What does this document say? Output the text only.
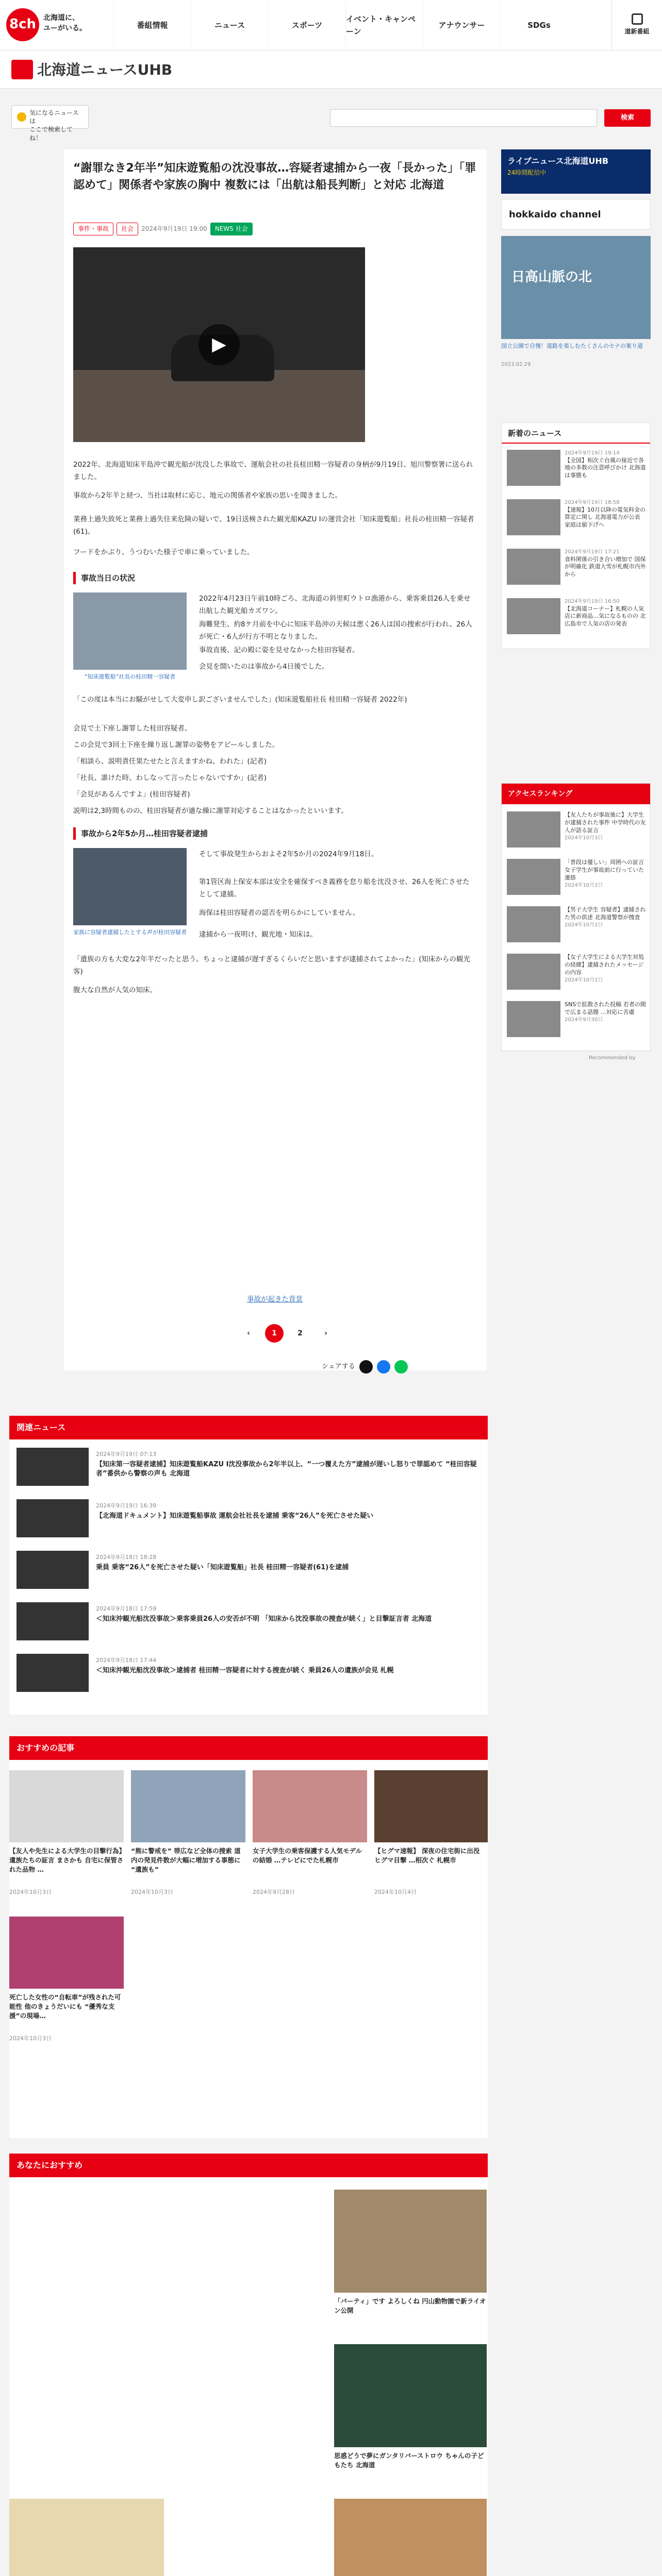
8ch	北海道に、
ユーがいる。	番組情報	ニュース	スポーツ
イベント・キャンペーン
アナウンサー	SDGs
道新番組
北海道ニュースUHB
気になるニュースは
ここで検索してね！
検索
“謝罪なき2年半”知床遊覧船の沈没事故…容疑者逮捕から一夜「長かった」「罪認めて」関係者や家族の胸中 複数には「出航は船長判断」と対応 北海道
事件・事故	社会	2024年9月19日 19:00	NEWS 社会
▶
2022年、北海道知床半島沖で観光船が沈没した事故で、運航会社の社長桂田精一容疑者の身柄が9月19日、旭川警察署に送られました。
事故から2年半と経つ、当社は取材に応じ、地元の関係者や家族の思いを聞きました。
業務上過失致死と業務上過失往来危険の疑いで、19日送検された観光船KAZU Iの運営会社「知床遊覧船」社長の桂田精一容疑者(61)。
フードをかぶり、うつむいた様子で車に乗っていました。
事故当日の状況
“知床遊覧船”社長の桂田精一容疑者
2022年4月23日午前10時ごろ、北海道の斜里町ウトロ漁港から、乗客乗員26人を乗せ出航した観光船カズワン。
海難発生、約8ケ月前を中心に知床半島沖の天候は悪く26人は国の捜索が行われ、26人が死亡・6人が行方不明となりました。
事故直後、記の殿に姿を見せなかった桂田容疑者。
会見を開いたのは事故から4日後でした。
「この度は本当にお騒がせして大変申し訳ございませんでした」(知床遊覧船社長 桂田精一容疑者 2022年)
会見で土下座し謝罪した桂田容疑者。
この会見で3回土下座を繰り返し謝罪の姿勢をアピールしました。
「相談ら、説明責任果たせたと言えますかね、われた」(記者)
「社長、誰けた時、わしなって言ったじゃないですか」(記者)
「会見があるんですよ」(桂田容疑者)
説明は2,3時間ものの、桂田容疑者が適な繰に謝罪対応することはなかったといいます。
事故から2年5か月…桂田容疑者逮捕
家族に容疑者逮捕したとする声が桂田容疑者
そして事故発生からおよそ2年5か月の2024年9月18日。
第1管区海上保安本部は安全を確保すべき義務を怠り船を沈没させ、26人を死亡させたとして逮捕。
海保は桂田容疑者の認否を明らかにしていません。
逮捕から一夜明け、観光地・知床は。
「遺族の方も大変な2年半だったと思う。ちょっと逮捕が遅すぎるくらいだと思いますが逮捕されてよかった」(知床からの観光客)
腹大な自然が人気の知床。
事故が起きた背景
‹	1	2	›
シェアする
ライブニュース北海道UHB
24時間配信中
hokkaido channel
日高山脈の北
国立公園で自慢！道路を楽しむたくさんのセナの案り道
2023.02.29
新着のニュース
2024年9月19日 19:14
【全国】相次ぐ台風の接近で各地の多数の注意呼びかけ 北海道は事態も
2024年9月19日 18:58
【速報】10月以降の電気料金の算定に関し 北海道電力が公表 家庭は値下げへ
2024年9月19日 17:21
食料関係の引き合い増加で 国保が明確化 鉄道大雪が札幌市内外から
2024年9月19日 16:50
【北海道コーナー】札幌の人気店に新商品…気になるものの 北広島市で人気の店の発表
アクセスランキング
【友人たちが事故後に】大学生が逮捕された事件 中学時代の友人が語る証言
2024年10月3日
「普段は優しい」周囲への証言 女子学生が事故前に行っていた連絡
2024年10月2日
【男子大学生 容疑者】逮捕された男の供述 北海道警察が捜査
2024年10月2日
【女子大学生による大学生対処の経緯】逮捕されたメッセージの内容
2024年10月1日
SNSで拡散された投稿 若者の間で広まる話題 …対応に苦慮
2024年9月30日
Recommended by
関連ニュース
2024年9月19日 07:13
【知床第一容疑者逮捕】知床遊覧船KAZU I沈没事故から2年半以上、“一つ覆えた方”逮捕が遅いし怒りで罪認めて “桂田容疑者”番供から警察の声も 北海道
2024年9月19日 16:39
【北海道ドキュメント】知床遊覧船事故 運航会社社長を逮捕 乗客“26人”を死亡させた疑い
2024年9月18日 18:28
乗員 乗客“26人”を死亡させた疑い「知床遊覧船」社長 桂田精一容疑者(61)を逮捕
2024年9月18日 17:59
＜知床沖観光船沈没事故＞乗客乗員26人の安否が不明 「知床から沈没事故の捜査が続く」と目撃証言者 北海道
2024年9月18日 17:44
＜知床沖観光船沈没事故＞逮捕者 桂田精一容疑者に対する捜査が続く 乗員26人の遺族が会見 札幌
おすすめの記事
【友人や先生による大学生の目撃行為】遺族たちの証言 まさかも 自宅に保管された品物 …
2024年10月3日
“熊に警戒を” 帯広など全体の捜索 道内の発見件数が大幅に増加する事態に “遺族も”
2024年10月3日
女子大学生の乗客保護する人気モデルの結婚 …テレビにでた札幌市
2024年9月28日
【ヒグマ速報】 深夜の住宅街に出没 ヒグマ目撃 …相次ぐ 札幌市
2024年10月4日
死亡した女性の“自転車”が残された可能性 他のきょうだいにも “優秀な支援”の現場…
2024年10月3日
あなたにおすすめ
「パーティ」です よろしくね 円山動物園で新ライオン公開
思惑どうで夢にガンタリバーストロウ ちゃんの子どもたち 北海道
